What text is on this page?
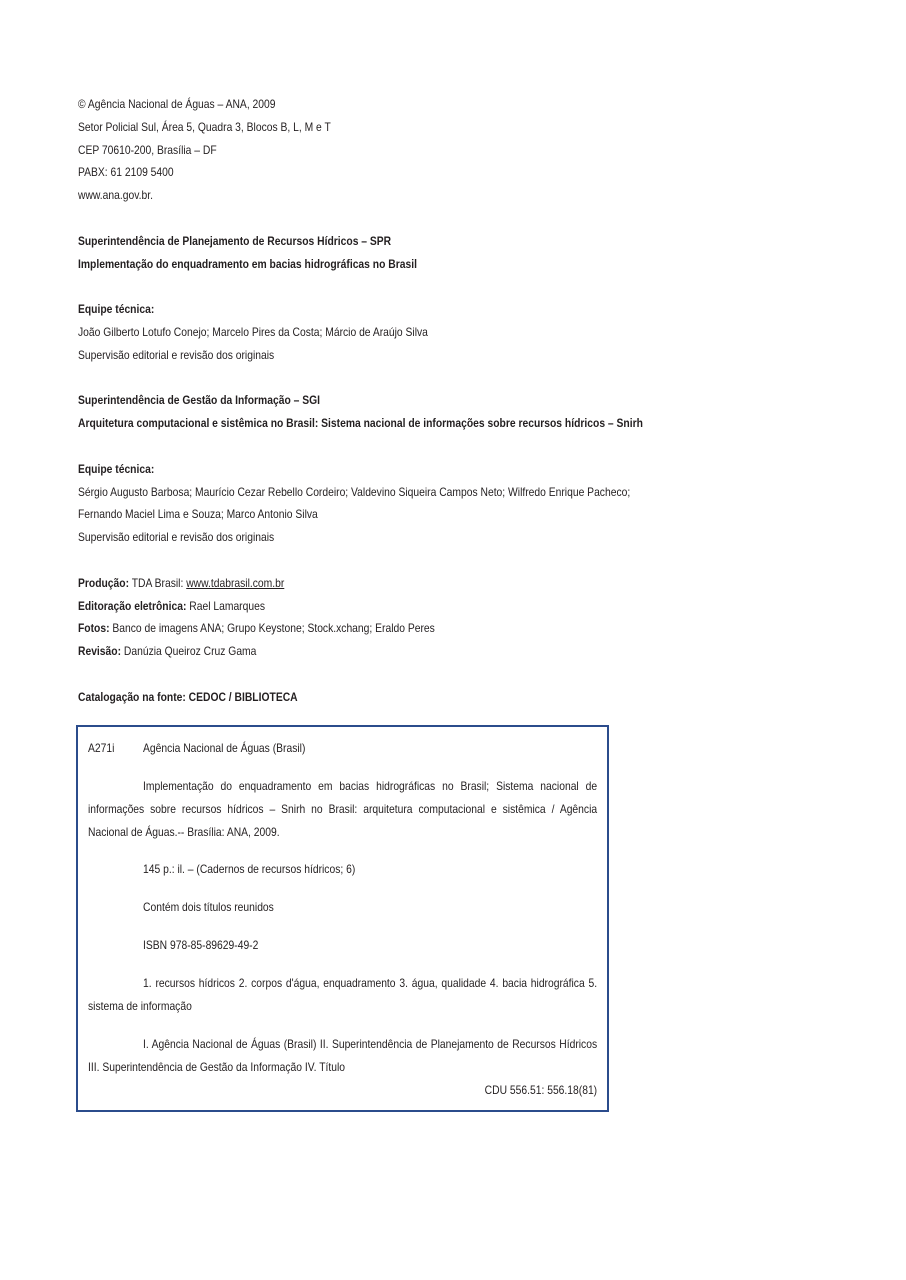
© Agência Nacional de Águas – ANA, 2009
Setor Policial Sul, Área 5, Quadra 3, Blocos B, L, M e T
CEP 70610-200, Brasília – DF
PABX: 61 2109 5400
www.ana.gov.br.
Superintendência de Planejamento de Recursos Hídricos – SPR
Implementação do enquadramento em bacias hidrográficas no Brasil
Equipe técnica:
João Gilberto Lotufo Conejo; Marcelo Pires da Costa; Márcio de Araújo Silva
Supervisão editorial e revisão dos originais
Superintendência de Gestão da Informação – SGI
Arquitetura computacional e sistêmica no Brasil: Sistema nacional de informações sobre recursos hídricos – Snirh
Equipe técnica:
Sérgio Augusto Barbosa; Maurício Cezar Rebello Cordeiro; Valdevino Siqueira Campos Neto; Wilfredo Enrique Pacheco;
Fernando Maciel Lima e Souza; Marco Antonio Silva
Supervisão editorial e revisão dos originais
Produção: TDA Brasil: www.tdabrasil.com.br
Editoração eletrônica: Rael Lamarques
Fotos: Banco de imagens ANA; Grupo Keystone; Stock.xchang; Eraldo Peres
Revisão: Danúzia Queiroz Cruz Gama
Catalogação na fonte: CEDOC / BIBLIOTECA
A271i Agência Nacional de Águas (Brasil)
Implementação do enquadramento em bacias hidrográficas no Brasil; Sistema nacional de informações sobre recursos hídricos – Snirh no Brasil: arquitetura computacional e sistêmica / Agência Nacional de Águas.-- Brasília: ANA, 2009.
145 p.: il. – (Cadernos de recursos hídricos; 6)
Contém dois títulos reunidos
ISBN 978-85-89629-49-2
1. recursos hídricos 2. corpos d'água, enquadramento 3. água, qualidade 4. bacia hidrográfica 5. sistema de informação
I. Agência Nacional de Águas (Brasil) II. Superintendência de Planejamento de Recursos Hídricos III. Superintendência de Gestão da Informação IV. Título
CDU 556.51: 556.18(81)
